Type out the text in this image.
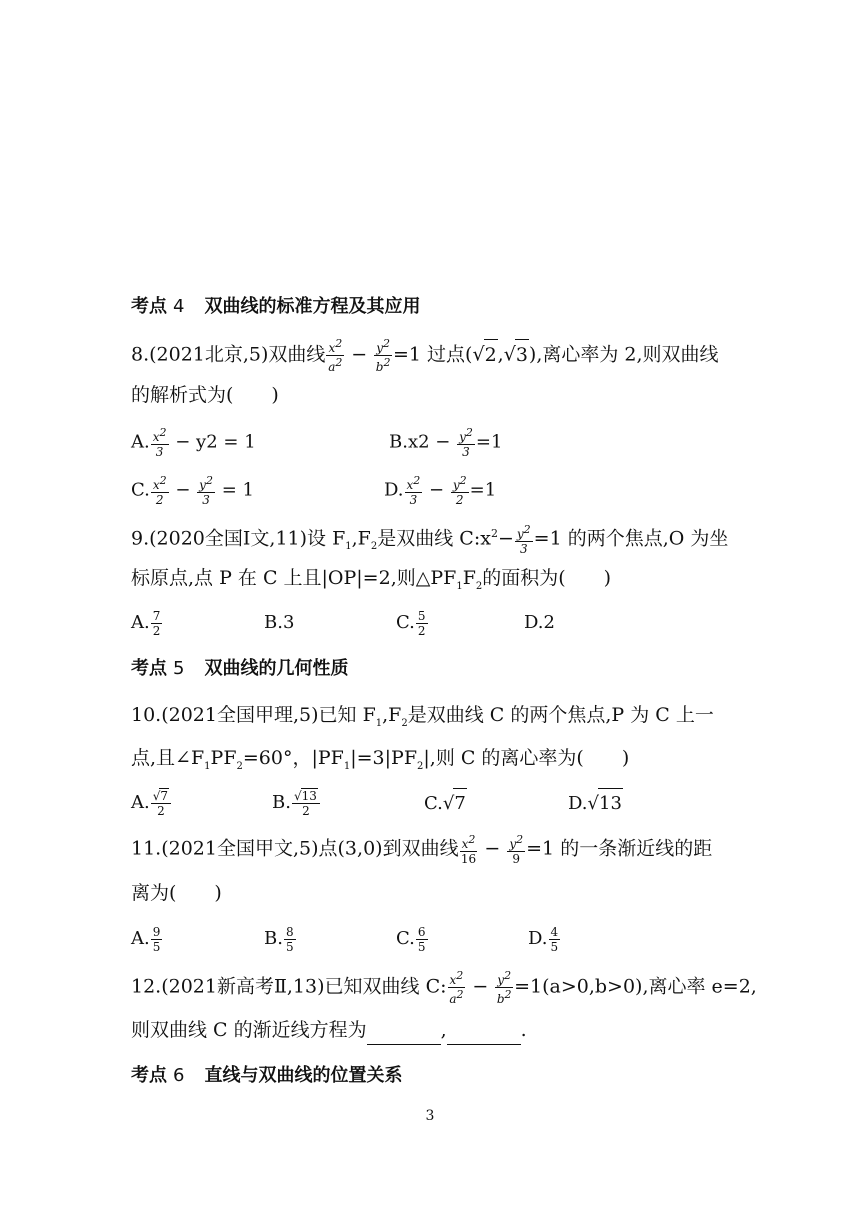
考点 4 双曲线的标准方程及其应用
8.(2021北京,5)双曲线 $\frac{x2}{a2} - \frac{y2}{b2} =1$ 过点(√2,√3),离心率为 2,则双曲线
的解析式为(　　)
A. $\frac{x2}{3} - y2 = 1$	$B.x2 - \frac{y2}{3} =1$
C. $\frac{x2}{2} - \frac{y2}{3} = 1$	D. $\frac{x2}{3} - \frac{y2}{2} =1$
9.(2020全国Ⅰ文,11)设 $F_1,F_2$是双曲线 $C:x^2- \frac{y2}{3} =1$ 的两个焦点,O 为坐
标原点,点 P 在 C 上且|OP|=2,则$\triangle PF_1F_2$的面积为(　　)
A. $\frac{7}{2}$	B.3	C. $\frac{5}{2}$	D.2
考点 5 双曲线的几何性质
10.(2021全国甲理,5)已知 $F_1,F_2$是双曲线 C 的两个焦点,P 为 C 上一
点,且$\angle F_1PF_2=60^\circ$，$|PF_1|=3|PF_2|$,则 C 的离心率为(　　)
A. $\frac{√7}{2}$	B. $\frac{√13}{2}$	C.√7	D.√13
11.(2021全国甲文,5)点(3,0)到双曲线 $\frac{x2}{16} - \frac{y2}{9} =1$ 的一条渐近线的距
离为(　　)
A. $\frac{9}{5}$	B. $\frac{8}{5}$	C. $\frac{6}{5}$	D. $\frac{4}{5}$
12.(2021新高考Ⅱ,13)已知双曲线 C: $\frac{x2}{a2} - \frac{y2}{b2} =1(a>0,b>0)$,离心率 e=2,
则双曲线 C 的渐近线方程为	,	.
考点 6 直线与双曲线的位置关系
3
